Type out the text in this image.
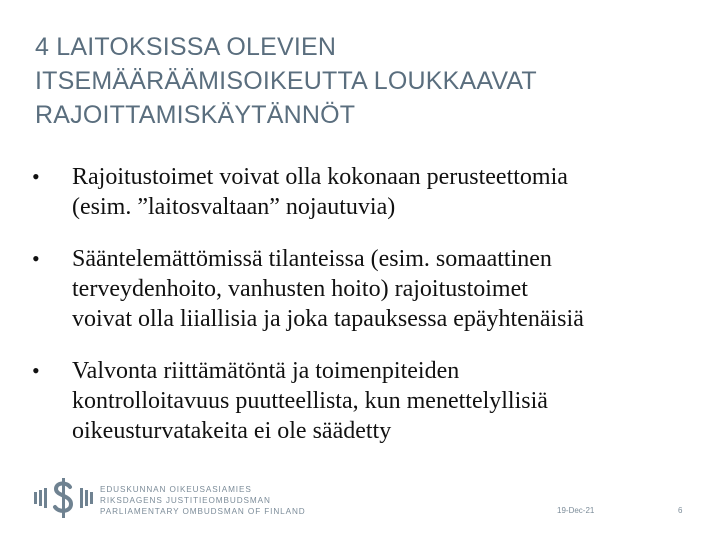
4 LAITOKSISSA OLEVIEN
ITSEMÄÄRÄÄMISOIKEUTTA LOUKKAAVAT
RAJOITTAMISKÄYTÄNNÖT
• Rajoitustoimet voivat olla kokonaan perusteettomia
(esim. ”laitosvaltaan” nojautuvia)
• Sääntelemättömissä tilanteissa (esim. somaattinen
terveydenhoito, vanhusten hoito) rajoitustoimet
voivat olla liiallisia ja joka tapauksessa epäyhtenäisiä
• Valvonta riittämätöntä ja toimenpiteiden
kontrolloitavuus puutteellista, kun menettelyllisiä
oikeusturvatakeita ei ole säädetty
EDUSKUNNAN OIKEUSASIAMIES
RIKSDAGENS JUSTITIEOMBUDSMAN
PARLIAMENTARY OMBUDSMAN OF FINLAND	19-Dec-21	6
